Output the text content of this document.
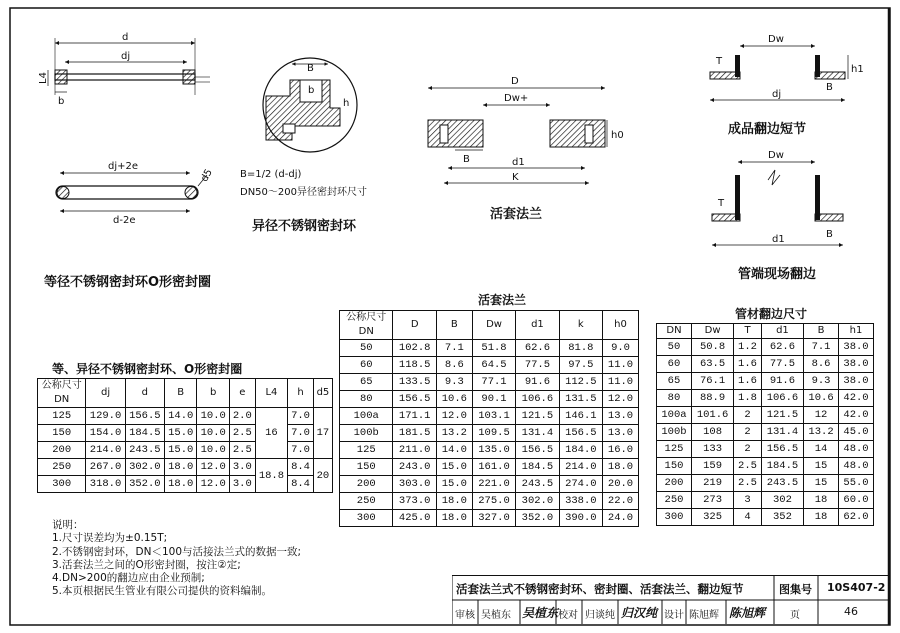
d
dj
L4
b
dj+2e
d5
d-2e
等径不锈钢密封环O形密封圈
B
b
h
B=1/2 (d-dj)
DN50～200异径密封环尺寸
异径不锈钢密封环
D
Dw+
h0
B	d1
K
活套法兰
Dw
T
h1
dj
B
成品翻边短节
Dw
T
d1	B
管端现场翻边
等、异径不锈钢密封环、O形密封圈
公称尺寸
DN	dj	d	B	b	e	L4	h	d5
125	129.0	156.5	14.0	10.0	2.0	16	7.0	17
150	154.0	184.5	15.0	10.0	2.5		7.0	
200	214.0	243.5	15.0	10.0	2.5		7.0	
250	267.0	302.0	18.0	12.0	3.0	18.8	8.4	20
300	318.0	352.0	18.0	12.0	3.0		8.4	
活套法兰
公称尺寸
DN	D	B	Dw	d1	k	h0
50	102.8	7.1	51.8	62.6	81.8	9.0
60	118.5	8.6	64.5	77.5	97.5	11.0
65	133.5	9.3	77.1	91.6	112.5	11.0
80	156.5	10.6	90.1	106.6	131.5	12.0
100a	171.1	12.0	103.1	121.5	146.1	13.0
100b	181.5	13.2	109.5	131.4	156.5	13.0
125	211.0	14.0	135.0	156.5	184.0	16.0
150	243.0	15.0	161.0	184.5	214.0	18.0
200	303.0	15.0	221.0	243.5	274.0	20.0
250	373.0	18.0	275.0	302.0	338.0	22.0
300	425.0	18.0	327.0	352.0	390.0	24.0
管材翻边尺寸
DN	Dw	T	d1	B	h1
50	50.8	1.2	62.6	7.1	38.0
60	63.5	1.6	77.5	8.6	38.0
65	76.1	1.6	91.6	9.3	38.0
80	88.9	1.8	106.6	10.6	42.0
100a	101.6	2	121.5	12	42.0
100b	108	2	131.4	13.2	45.0
125	133	2	156.5	14	48.0
150	159	2.5	184.5	15	48.0
200	219	2.5	243.5	15	55.0
250	273	3	302	18	60.0
300	325	4	352	18	62.0
说明：
1.尺寸误差均为±0.15T;
2.不锈钢密封环，DN＜100与活接法兰式的数据一致;
3.活套法兰之间的O形密封圈，按注②定;
4.DN>200的翻边应由企业预制;
5.本页根据民生管业有限公司提供的资料编制。	活套法兰式不锈钢密封环、密封圈、活套法兰、翻边短节	图集号 10S407-2
审核 吴植东 吴植东 校对 归谈纯 归汉纯 设计 陈旭辉 陈旭辉 页	46
